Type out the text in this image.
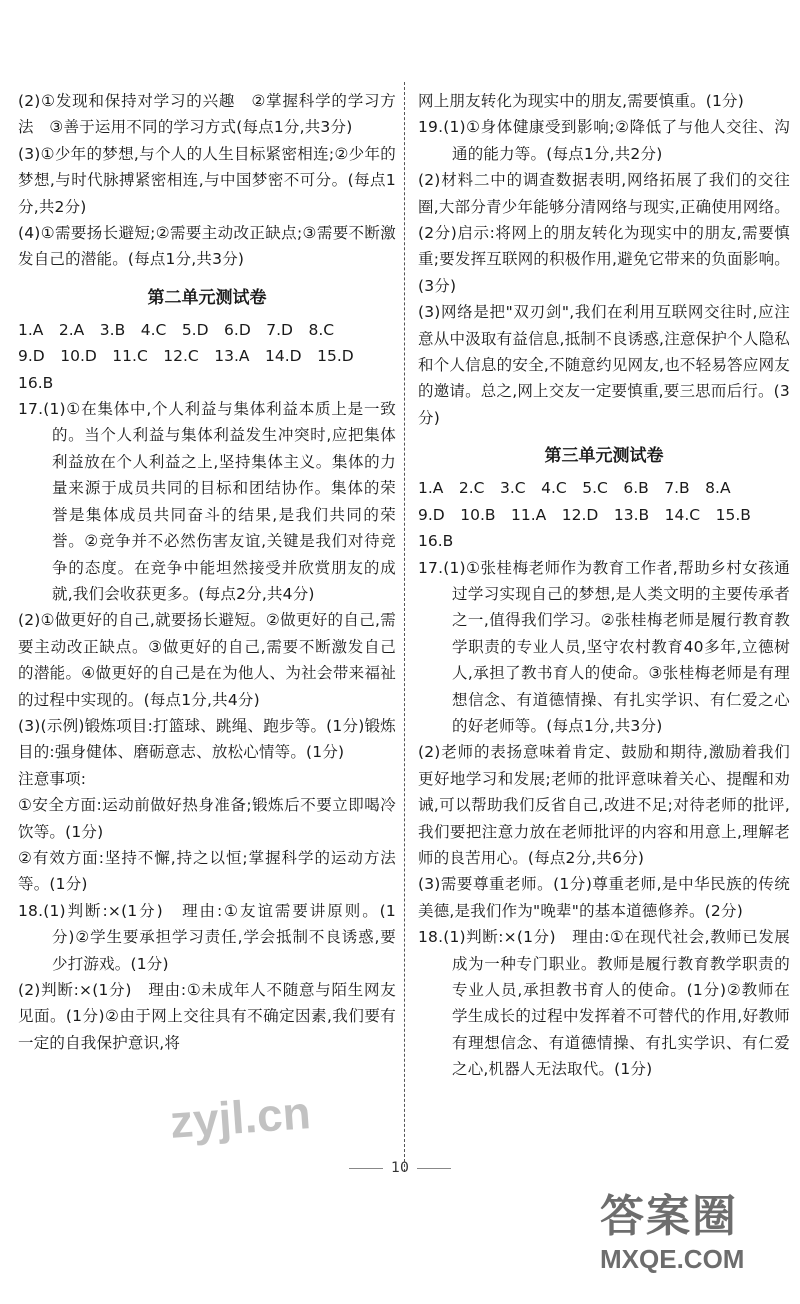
(2)①发现和保持对学习的兴趣　②掌握科学的学习方法　③善于运用不同的学习方式(每点1分,共3分)

(3)①少年的梦想,与个人的人生目标紧密相连;②少年的梦想,与时代脉搏紧密相连,与中国梦密不可分。(每点1分,共2分)

(4)①需要扬长避短;②需要主动改正缺点;③需要不断激发自己的潜能。(每点1分,共3分)

第二单元测试卷

1.A　2.A　3.B　4.C　5.D　6.D　7.D　8.C

9.D　10.D　11.C　12.C　13.A　14.D　15.D

16.B

17.(1)①在集体中,个人利益与集体利益本质上是一致的。当个人利益与集体利益发生冲突时,应把集体利益放在个人利益之上,坚持集体主义。集体的力量来源于成员共同的目标和团结协作。集体的荣誉是集体成员共同奋斗的结果,是我们共同的荣誉。②竞争并不必然伤害友谊,关键是我们对待竞争的态度。在竞争中能坦然接受并欣赏朋友的成就,我们会收获更多。(每点2分,共4分)

(2)①做更好的自己,就要扬长避短。②做更好的自己,需要主动改正缺点。③做更好的自己,需要不断激发自己的潜能。④做更好的自己是在为他人、为社会带来福祉的过程中实现的。(每点1分,共4分)

(3)(示例)锻炼项目:打篮球、跳绳、跑步等。(1分)锻炼目的:强身健体、磨砺意志、放松心情等。(1分)

注意事项:

①安全方面:运动前做好热身准备;锻炼后不要立即喝冷饮等。(1分)

②有效方面:坚持不懈,持之以恒;掌握科学的运动方法等。(1分)

18.(1)判断:×(1分)　理由:①友谊需要讲原则。(1分)②学生要承担学习责任,学会抵制不良诱惑,要少打游戏。(1分)

(2)判断:×(1分)　理由:①未成年人不随意与陌生网友见面。(1分)②由于网上交往具有不确定因素,我们要有一定的自我保护意识,将

网上朋友转化为现实中的朋友,需要慎重。(1分)

19.(1)①身体健康受到影响;②降低了与他人交往、沟通的能力等。(每点1分,共2分)

(2)材料二中的调查数据表明,网络拓展了我们的交往圈,大部分青少年能够分清网络与现实,正确使用网络。(2分)启示:将网上的朋友转化为现实中的朋友,需要慎重;要发挥互联网的积极作用,避免它带来的负面影响。(3分)

(3)网络是把"双刃剑",我们在利用互联网交往时,应注意从中汲取有益信息,抵制不良诱惑,注意保护个人隐私和个人信息的安全,不随意约见网友,也不轻易答应网友的邀请。总之,网上交友一定要慎重,要三思而后行。(3分)

第三单元测试卷

1.A　2.C　3.C　4.C　5.C　6.B　7.B　8.A

9.D　10.B　11.A　12.D　13.B　14.C　15.B

16.B

17.(1)①张桂梅老师作为教育工作者,帮助乡村女孩通过学习实现自己的梦想,是人类文明的主要传承者之一,值得我们学习。②张桂梅老师是履行教育教学职责的专业人员,坚守农村教育40多年,立德树人,承担了教书育人的使命。③张桂梅老师是有理想信念、有道德情操、有扎实学识、有仁爱之心的好老师等。(每点1分,共3分)

(2)老师的表扬意味着肯定、鼓励和期待,激励着我们更好地学习和发展;老师的批评意味着关心、提醒和劝诫,可以帮助我们反省自己,改进不足;对待老师的批评,我们要把注意力放在老师批评的内容和用意上,理解老师的良苦用心。(每点2分,共6分)

(3)需要尊重老师。(1分)尊重老师,是中华民族的传统美德,是我们作为"晚辈"的基本道德修养。(2分)

18.(1)判断:×(1分)　理由:①在现代社会,教师已发展成为一种专门职业。教师是履行教育教学职责的专业人员,承担教书育人的使命。(1分)②教师在学生成长的过程中发挥着不可替代的作用,好教师有理想信念、有道德情操、有扎实学识、有仁爱之心,机器人无法取代。(1分)

zyjl.cn
10
答案圈
MXQE.COM
